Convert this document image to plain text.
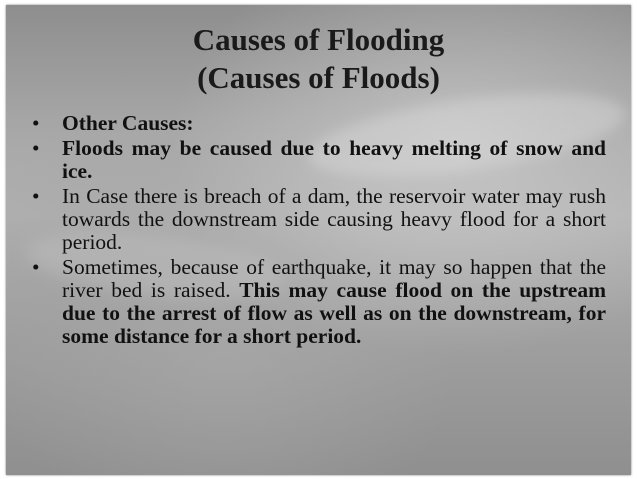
Causes of Flooding
(Causes of Floods)
• Other Causes:
• Floods may be caused due to heavy melting of snow and ice.
• In Case there is breach of a dam, the reservoir water may rush towards the downstream side causing heavy flood for a short period.
• Sometimes, because of earthquake, it may so happen that the river bed is raised. This may cause flood on the upstream due to the arrest of flow as well as on the downstream, for some distance for a short period.
